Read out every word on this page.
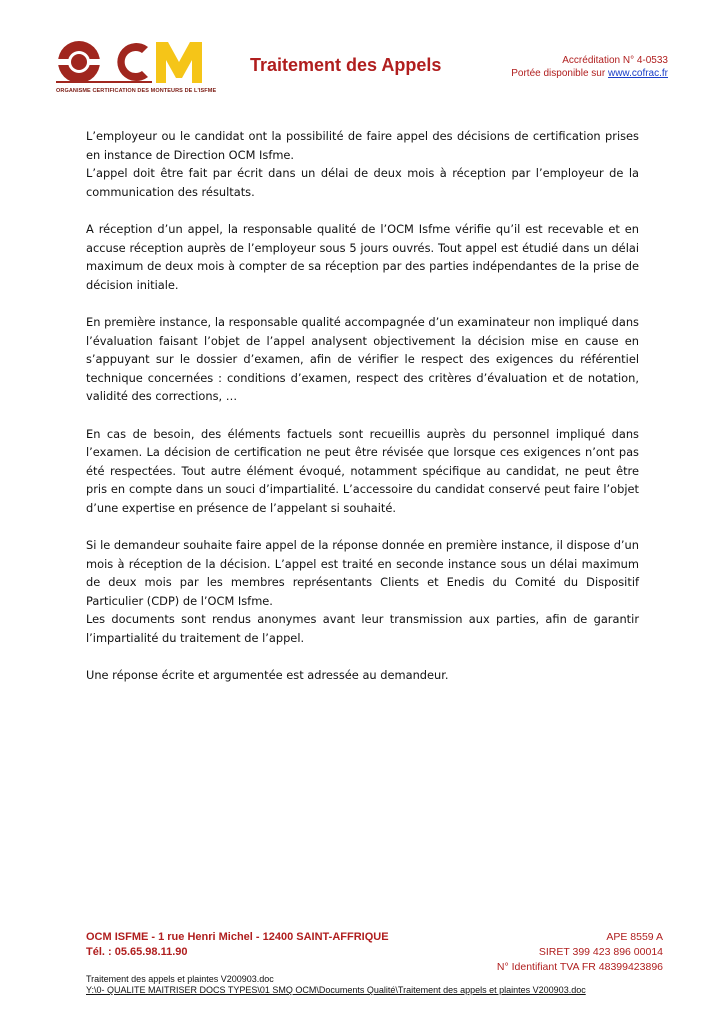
ORGANISME CERTIFICATION DES MONTEURS DE L'ISFME
Traitement des Appels	Accréditation N° 4-0533
Portée disponible sur www.cofrac.fr

L’employeur ou le candidat ont la possibilité de faire appel des décisions de certification prises en instance de Direction OCM Isfme.

L’appel doit être fait par écrit dans un délai de deux mois à réception par l’employeur de la communication des résultats.

A réception d’un appel, la responsable qualité de l’OCM Isfme vérifie qu’il est recevable et en accuse réception auprès de l’employeur sous 5 jours ouvrés. Tout appel est étudié dans un délai maximum de deux mois à compter de sa réception par des parties indépendantes de la prise de décision initiale.

En première instance, la responsable qualité accompagnée d’un examinateur non impliqué dans l’évaluation faisant l’objet de l’appel analysent objectivement la décision mise en cause en s’appuyant sur le dossier d’examen, afin de vérifier le respect des exigences du référentiel technique concernées : conditions d’examen, respect des critères d’évaluation et de notation, validité des corrections, …

En cas de besoin, des éléments factuels sont recueillis auprès du personnel impliqué dans l’examen. La décision de certification ne peut être révisée que lorsque ces exigences n’ont pas été respectées. Tout autre élément évoqué, notamment spécifique au candidat, ne peut être pris en compte dans un souci d’impartialité. L’accessoire du candidat conservé peut faire l’objet d’une expertise en présence de l’appelant si souhaité.

Si le demandeur souhaite faire appel de la réponse donnée en première instance, il dispose d’un mois à réception de la décision. L’appel est traité en seconde instance sous un délai maximum de deux mois par les membres représentants Clients et Enedis du Comité du Dispositif Particulier (CDP) de l’OCM Isfme.

Les documents sont rendus anonymes avant leur transmission aux parties, afin de garantir l’impartialité du traitement de l’appel.

Une réponse écrite et argumentée est adressée au demandeur.

OCM ISFME - 1 rue Henri Michel - 12400 SAINT-AFFRIQUE
Tél. : 05.65.98.11.90
APE 8559 A
SIRET 399 423 896 00014
N° Identifiant TVA FR 48399423896
Traitement des appels et plaintes V200903.doc
Y:\0- QUALITE MAITRISER DOCS TYPES\01 SMQ OCM\Documents Qualité\Traitement des appels et plaintes V200903.doc
